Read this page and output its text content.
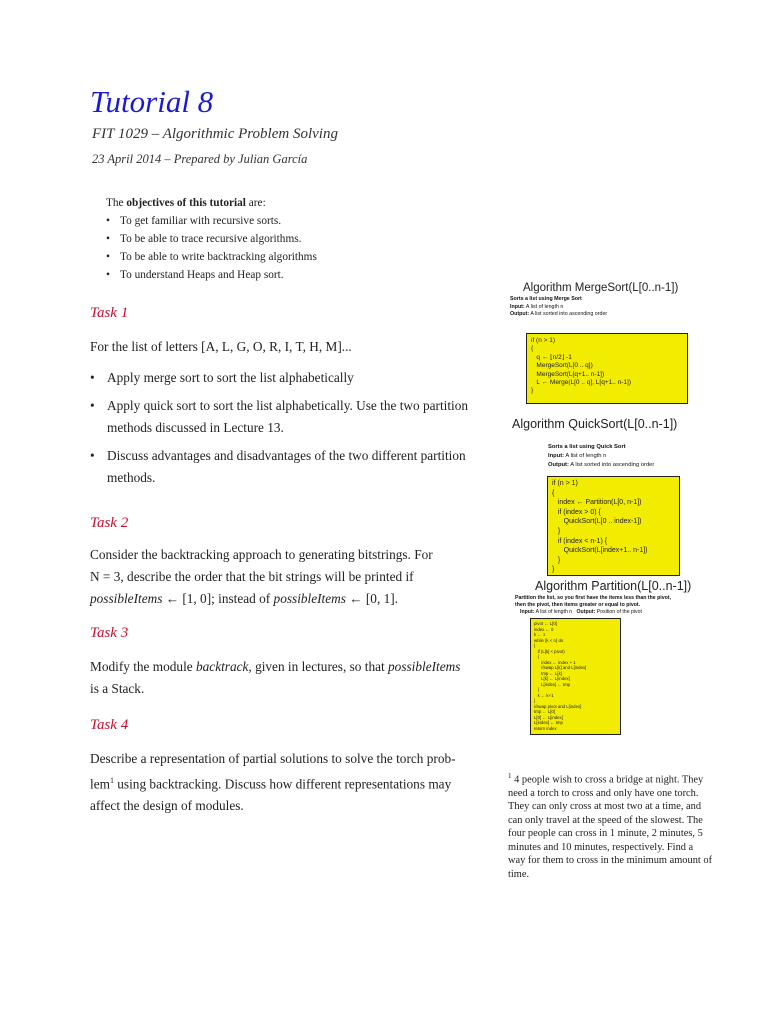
Tutorial 8
FIT 1029 – Algorithmic Problem Solving
23 April 2014 – Prepared by Julian García
The objectives of this tutorial are:
• To get familiar with recursive sorts.
• To be able to trace recursive algorithms.
• To be able to write backtracking algorithms
• To understand Heaps and Heap sort.
Task 1
For the list of letters [A, L, G, O, R, I, T, H, M]...
• Apply merge sort to sort the list alphabetically
• Apply quick sort to sort the list alphabetically. Use the two partition methods discussed in Lecture 13.
• Discuss advantages and disadvantages of the two different partition methods.
Task 2
Consider the backtracking approach to generating bitstrings. For
N = 3, describe the order that the bit strings will be printed if
possibleItems ← [1, 0]; instead of possibleItems ← [0, 1].
Task 3
Modify the module backtrack, given in lectures, so that possibleItems
is a Stack.
Task 4
Describe a representation of partial solutions to solve the torch prob-
lem$^1$ using backtracking. Discuss how different representations may
affect the design of modules.
Algorithm MergeSort(L[0..n-1])
Sorts a list using Merge Sort
Input: A list of length n
Output: A list sorted into ascending order
if (n > 1)
{
q ← ⌊n/2⌋ -1
MergeSort(L[0 .. q])
MergeSort(L[q+1.. n-1])
L ← Merge(L[0 .. q], L[q+1.. n-1])
}
Algorithm QuickSort(L[0..n-1])
Sorts a list using Quick Sort
Input: A list of length n
Output: A list sorted into ascending order
if (n > 1)
{
index ← Partition(L[0, n-1])
if (index > 0) {
QuickSort(L[0 .. index-1])
}
if (index < n-1) {
QuickSort(L[index+1.. n-1])
}
}
Algorithm Partition(L[0..n-1])
Partition the list, so you first have the items less than the pivot,
then the pivot, then items greater or equal to pivot.
Input: A list of length n Output: Position of the pivot
pivot ← L[0]
index ← 0
k ← 1
while (k < n) do
{
if (L[k] < pivot)
{
index ← index + 1
//swap L[k] and L[index]
tmp ← L[k]
L[k] ← L[index]
L[index] ← tmp
}
k ← k+1
}
//swap pivot and L[index]
tmp ← L[0]
L[0] ← L[index]
L[index] ← tmp
return index
$^1$ 4 people wish to cross a bridge at night. They need a torch to cross and only have one torch. They can only cross at most two at a time, and can only travel at the speed of the slowest. The four people can cross in 1 minute, 2 minutes, 5 minutes and 10 minutes, respectively. Find a way for them to cross in the minimum amount of time.
